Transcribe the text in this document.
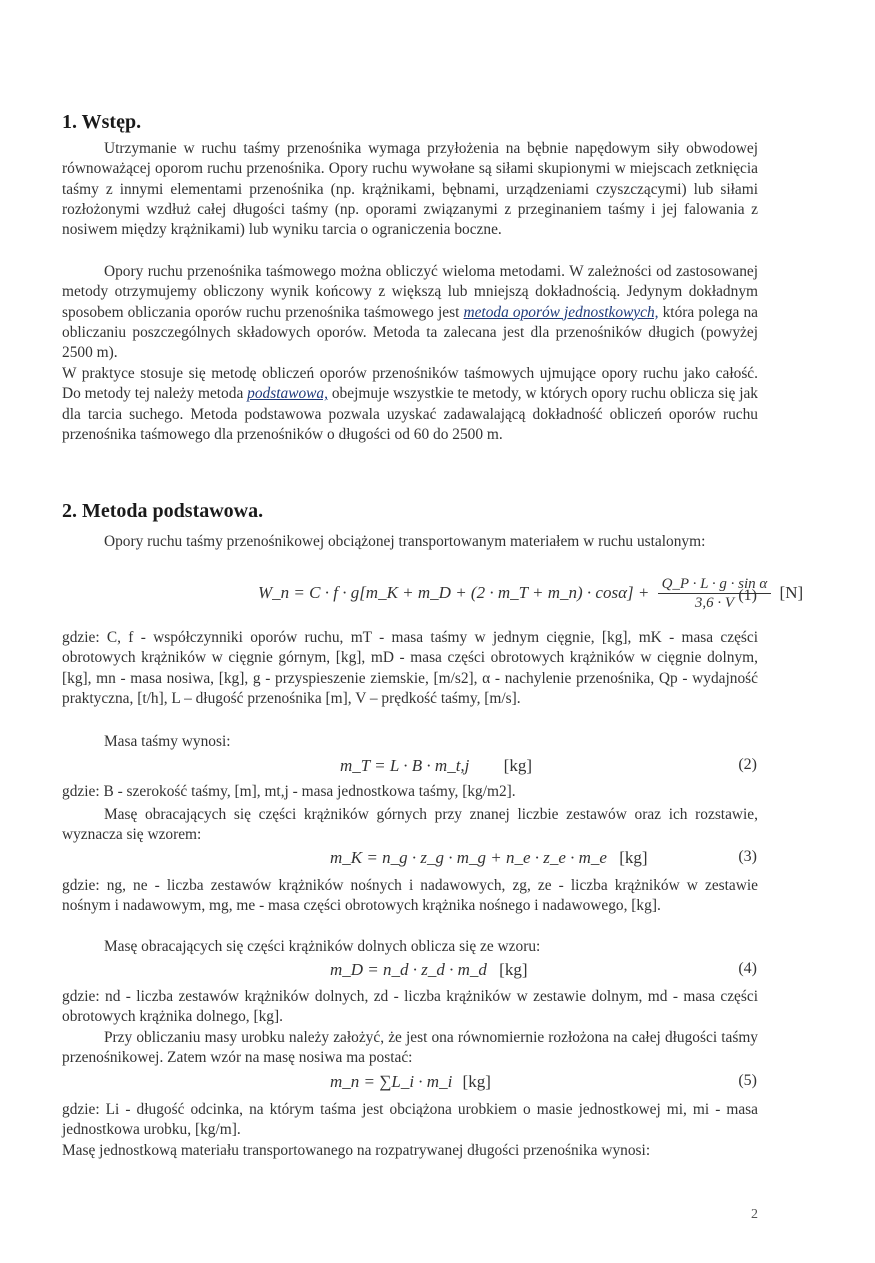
1. Wstęp.

Utrzymanie w ruchu taśmy przenośnika wymaga przyłożenia na bębnie napędowym siły obwodowej równoważącej oporom ruchu przenośnika. Opory ruchu wywołane są siłami skupionymi w miejscach zetknięcia taśmy z innymi elementami przenośnika (np. krążnikami, bębnami, urządzeniami czyszczącymi) lub siłami rozłożonymi wzdłuż całej długości taśmy (np. oporami związanymi z przeginaniem taśmy i jej falowania z nosiwem między krążnikami) lub wyniku tarcia o ograniczenia boczne.

Opory ruchu przenośnika taśmowego można obliczyć wieloma metodami. W zależności od zastosowanej metody otrzymujemy obliczony wynik końcowy z większą lub mniejszą dokładnością. Jedynym dokładnym sposobem obliczania oporów ruchu przenośnika taśmowego jest metoda oporów jednostkowych, która polega na obliczaniu poszczególnych składowych oporów. Metoda ta zalecana jest dla przenośników długich (powyżej 2500 m).

W praktyce stosuje się metodę obliczeń oporów przenośników taśmowych ujmujące opory ruchu jako całość. Do metody tej należy metoda podstawowa, obejmuje wszystkie te metody, w których opory ruchu oblicza się jak dla tarcia suchego. Metoda podstawowa pozwala uzyskać zadawalającą dokładność obliczeń oporów ruchu przenośnika taśmowego dla przenośników o długości od 60 do 2500 m.

2. Metoda podstawowa.

Opory ruchu taśmy przenośnikowej obciążonej transportowanym materiałem w ruchu ustalonym:

W_n = C · f · g[m_K + m_D + (2 · m_T + m_n) · $\cos\alpha] + \frac{\text{Q\_P · L · g · sin α}}{3,6 \cdot V} [N]$
(1)

gdzie: C, f - współczynniki oporów ruchu, mT - masa taśmy w jednym cięgnie, [kg], mK - masa części obrotowych krążników w cięgnie górnym, [kg], mD - masa części obrotowych krążników w cięgnie dolnym, [kg], mn - masa nosiwa, [kg], g - przyspieszenie ziemskie, [m/s2], α - nachylenie przenośnika, Qp - wydajność praktyczna, [t/h], L – długość przenośnika [m], V – prędkość taśmy, [m/s].

Masa taśmy wynosi:

m_T = L · B · m_t,j [kg]	(2)

gdzie: B - szerokość taśmy, [m], mt,j - masa jednostkowa taśmy, [kg/m2].

Masę obracających się części krążników górnych przy znanej liczbie zestawów oraz ich rozstawie, wyznacza się wzorem:

m_K = n_g · z_g · m_g + n_e · z_e · m_e [kg]	(3)

gdzie: ng, ne - liczba zestawów krążników nośnych i nadawowych, zg, ze - liczba krążników w zestawie nośnym i nadawowym, mg, me - masa części obrotowych krążnika nośnego i nadawowego, [kg].

Masę obracających się części krążników dolnych oblicza się ze wzoru:

m_D = n_d · z_d · m_d [kg]	(4)

gdzie: nd - liczba zestawów krążników dolnych, zd - liczba krążników w zestawie dolnym, md - masa części obrotowych krążnika dolnego, [kg].

Przy obliczaniu masy urobku należy założyć, że jest ona równomiernie rozłożona na całej długości taśmy przenośnikowej. Zatem wzór na masę nosiwa ma postać:

m_n = ∑L_i · m_i [kg]	(5)

gdzie: Li - długość odcinka, na którym taśma jest obciążona urobkiem o masie jednostkowej mi, mi - masa jednostkowa urobku, [kg/m].

Masę jednostkową materiału transportowanego na rozpatrywanej długości przenośnika wynosi:

2
